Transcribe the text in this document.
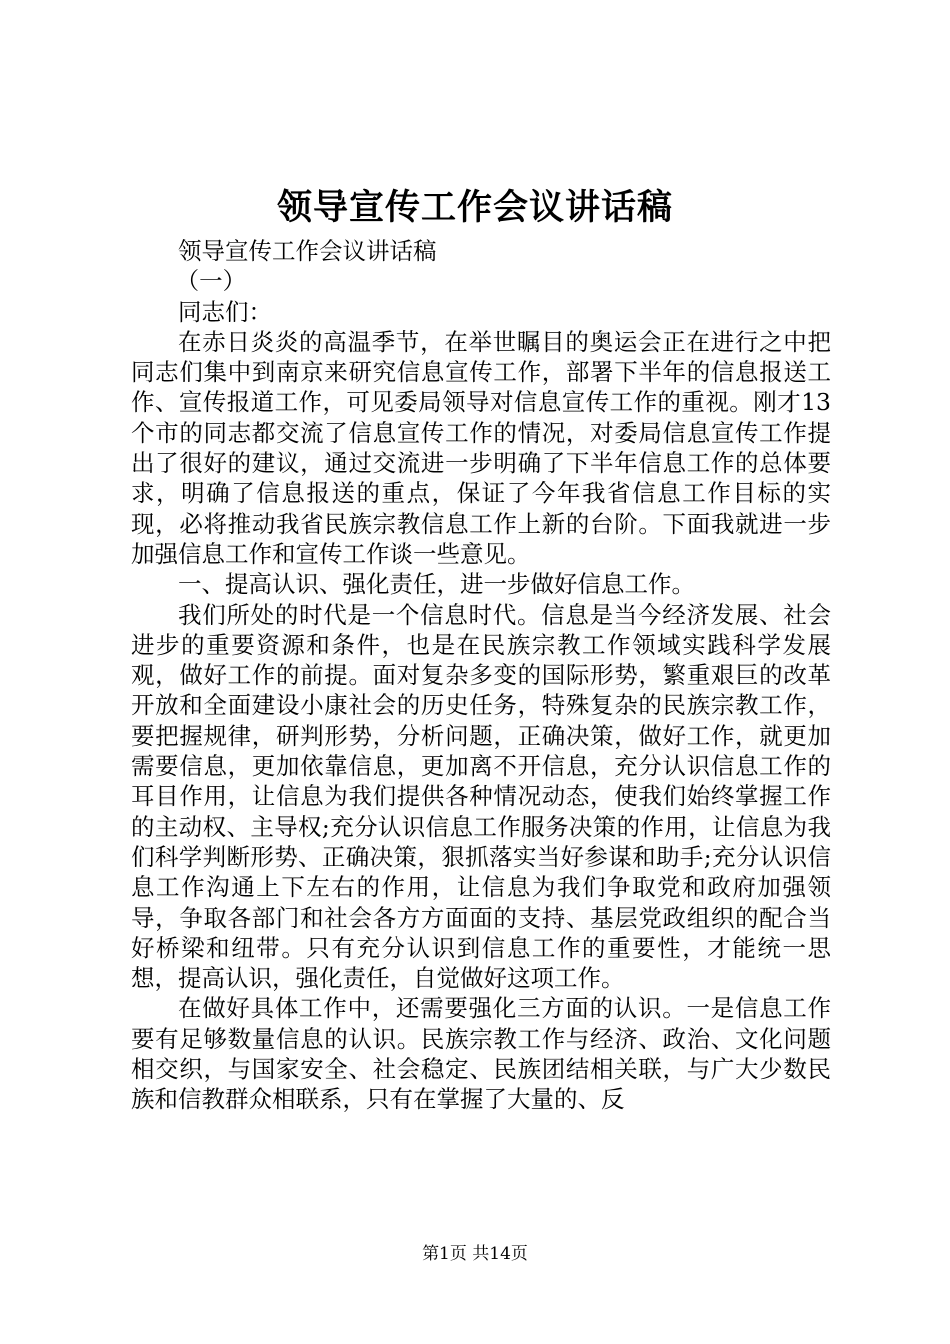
领导宣传工作会议讲话稿

领导宣传工作会议讲话稿

（一）

同志们：

在赤日炎炎的高温季节，在举世瞩目的奥运会正在进行之中把同志们集中到南京来研究信息宣传工作，部署下半年的信息报送工作、宣传报道工作，可见委局领导对信息宣传工作的重视。刚才13个市的同志都交流了信息宣传工作的情况，对委局信息宣传工作提出了很好的建议，通过交流进一步明确了下半年信息工作的总体要求，明确了信息报送的重点，保证了今年我省信息工作目标的实现，必将推动我省民族宗教信息工作上新的台阶。下面我就进一步加强信息工作和宣传工作谈一些意见。

一、提高认识、强化责任，进一步做好信息工作。

我们所处的时代是一个信息时代。信息是当今经济发展、社会进步的重要资源和条件，也是在民族宗教工作领域实践科学发展观，做好工作的前提。面对复杂多变的国际形势，繁重艰巨的改革开放和全面建设小康社会的历史任务，特殊复杂的民族宗教工作，要把握规律，研判形势，分析问题，正确决策，做好工作，就更加需要信息，更加依靠信息，更加离不开信息，充分认识信息工作的耳目作用，让信息为我们提供各种情况动态，使我们始终掌握工作的主动权、主导权;充分认识信息工作服务决策的作用，让信息为我们科学判断形势、正确决策，狠抓落实当好参谋和助手;充分认识信息工作沟通上下左右的作用，让信息为我们争取党和政府加强领导，争取各部门和社会各方方面面的支持、基层党政组织的配合当好桥梁和纽带。只有充分认识到信息工作的重要性，才能统一思想，提高认识，强化责任，自觉做好这项工作。

在做好具体工作中，还需要强化三方面的认识。一是信息工作要有足够数量信息的认识。民族宗教工作与经济、政治、文化问题相交织，与国家安全、社会稳定、民族团结相关联，与广大少数民族和信教群众相联系，只有在掌握了大量的、反

第1页 共14页
